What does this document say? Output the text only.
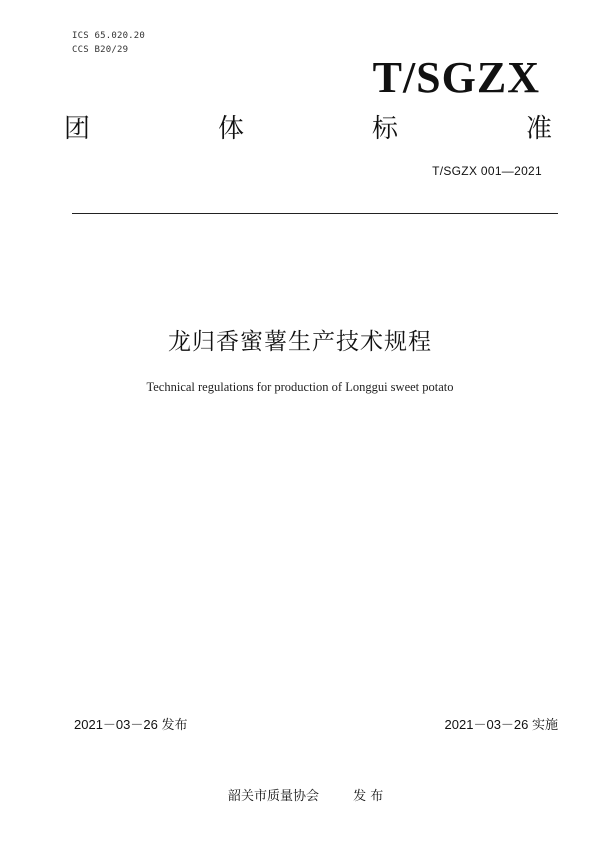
ICS 65.020.20
CCS B20/29
T/SGZX
团	体	标	准
T/SGZX 001—2021
龙归香蜜薯生产技术规程
Technical regulations for production of Longgui sweet potato
2021－03－26 发布	2021－03－26 实施
韶关市质量协会	发 布
